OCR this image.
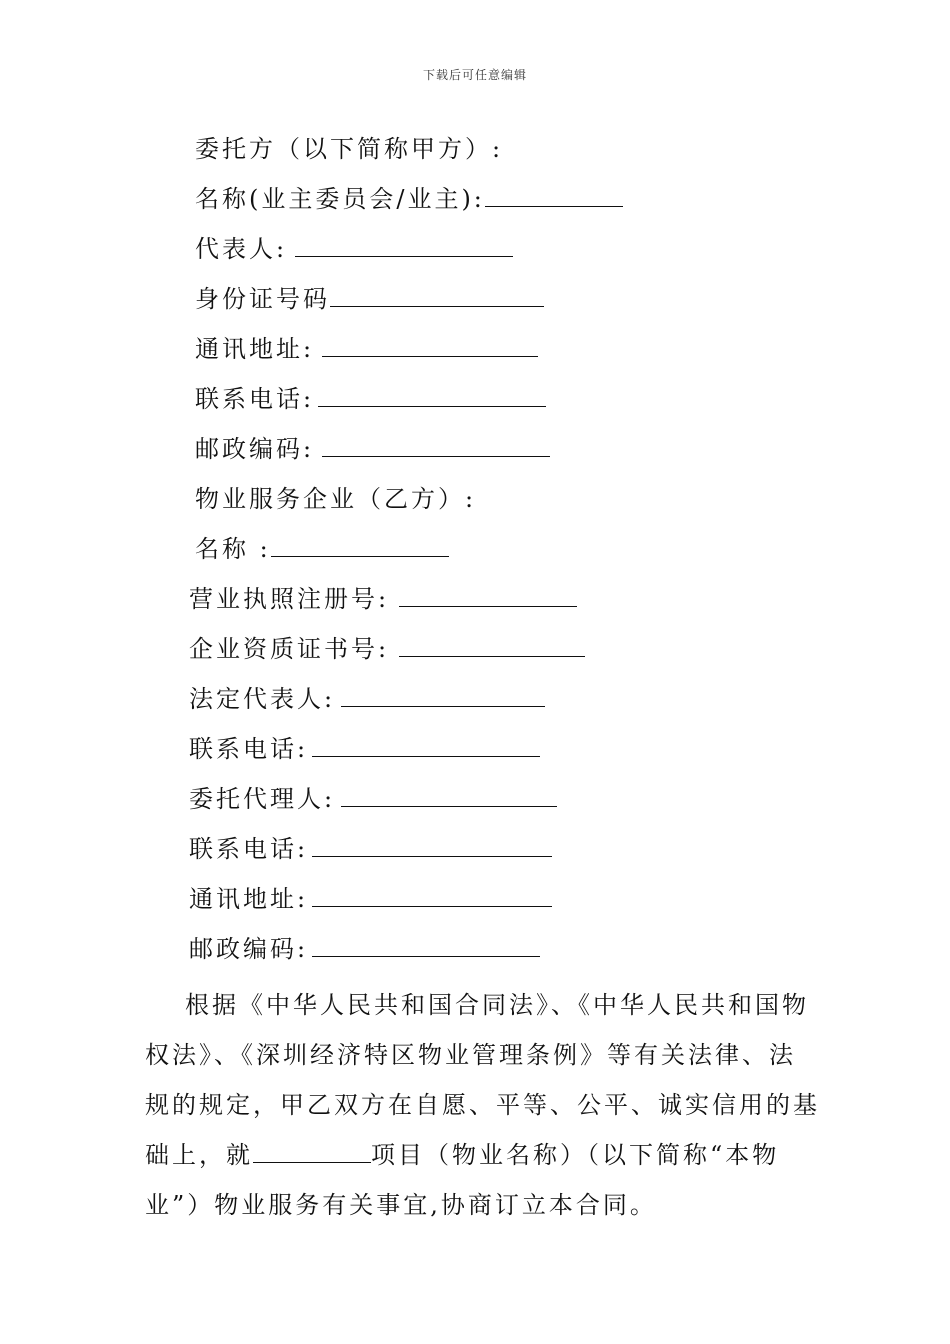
下载后可任意编辑
委托方（以下简称甲方）:
名称(业主委员会/业主):
代表人:
身份证号码
通讯地址:
联系电话:
邮政编码:
物业服务企业（乙方）:
名称 :
营业执照注册号:
企业资质证书号:
法定代表人:
联系电话:
委托代理人:
联系电话:
通讯地址:
邮政编码:
根据《中华人民共和国合同法》、《中华人民共和国物
权法》、《深圳经济特区物业管理条例》等有关法律、法
规的规定，甲乙双方在自愿、平等、公平、诚实信用的基
础上，就	项目（物业名称）（以下简称“本物
业”）物业服务有关事宜,协商订立本合同。
